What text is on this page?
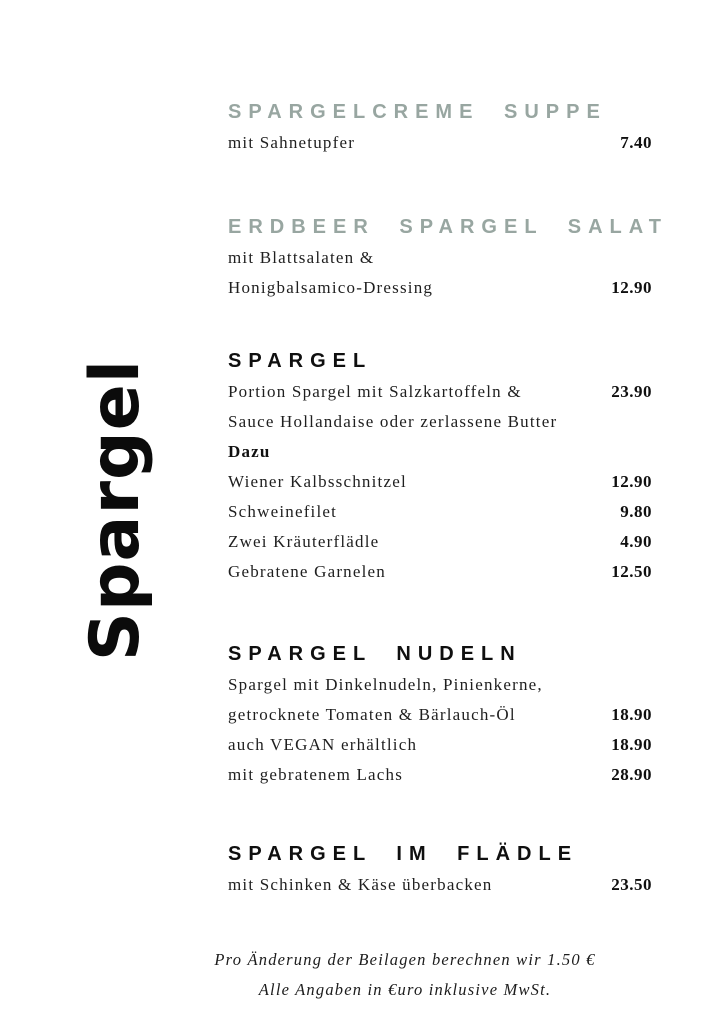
Spargel
SPARGELCREME SUPPE
mit Sahnetupfer	7.40
ERDBEER SPARGEL SALAT
mit Blattsalaten &
Honigbalsamico-Dressing	12.90
SPARGEL
Portion Spargel mit Salzkartoffeln &	23.90
Sauce Hollandaise oder zerlassene Butter
Dazu
Wiener Kalbsschnitzel	12.90
Schweinefilet	9.80
Zwei Kräuterflädle	4.90
Gebratene Garnelen	12.50
SPARGEL NUDELN
Spargel mit Dinkelnudeln, Pinienkerne,
getrocknete Tomaten & Bärlauch-Öl	18.90
auch VEGAN erhältlich	18.90
mit gebratenem Lachs	28.90
SPARGEL IM FLÄDLE
mit Schinken & Käse überbacken	23.50
Pro Änderung der Beilagen berechnen wir 1.50 €
Alle Angaben in €uro inklusive MwSt.
